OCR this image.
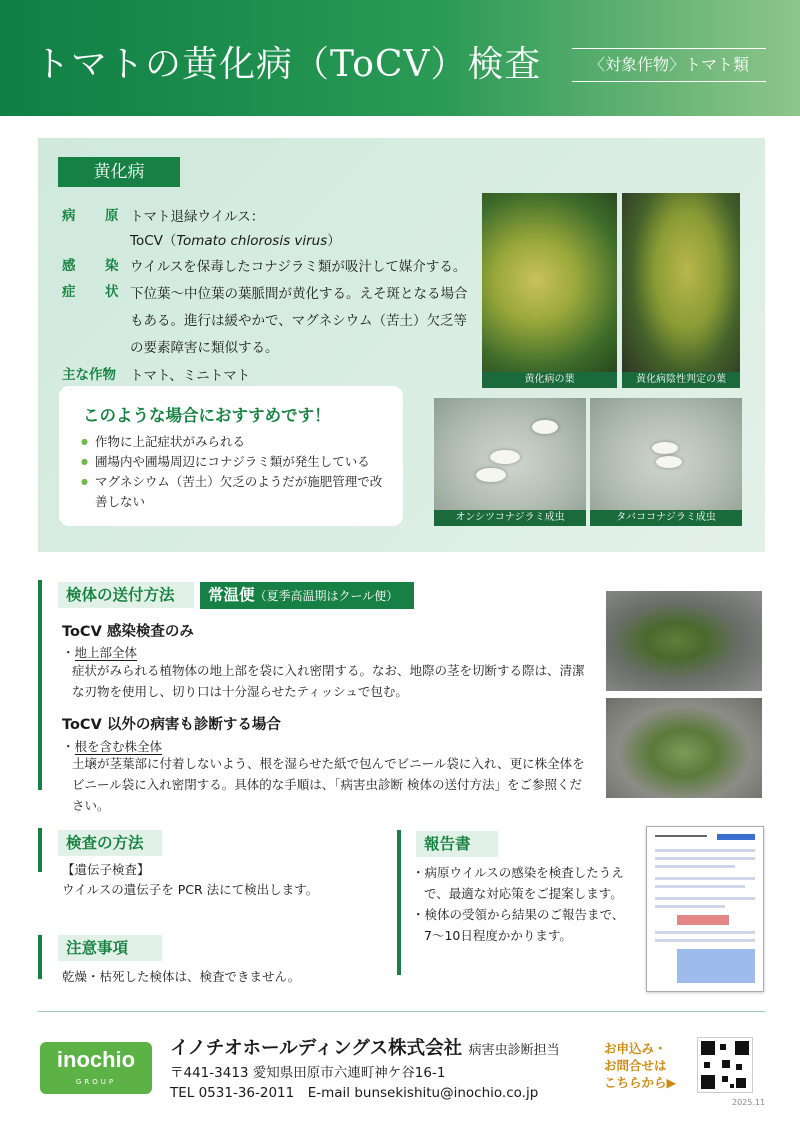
トマトの黄化病（ToCV）検査	〈対象作物〉トマト類
黄化病
病　原 トマト退緑ウイルス：
ToCV（Tomato chlorosis virus）
感　染 ウイルスを保毒したコナジラミ類が吸汁して媒介する。
症　状 下位葉〜中位葉の葉脈間が黄化する。えそ斑となる場合もある。進行は緩やかで、マグネシウム（苦土）欠乏等の要素障害に類似する。
主な作物	トマト、ミニトマト	黄化病の葉	黄化病陰性判定の葉
オンシツコナジラミ成虫	タバココナジラミ成虫
このような場合におすすめです！
● 作物に上記症状がみられる
● 圃場内や圃場周辺にコナジラミ類が発生している
● マグネシウム（苦土）欠乏のようだが施肥管理で改善しない
検体の送付方法	常温便（夏季高温期はクール便）
ToCV 感染検査のみ
・地上部全体
症状がみられる植物体の地上部を袋に入れ密閉する。なお、地際の茎を切断する際は、清潔な刃物を使用し、切り口は十分湿らせたティッシュで包む。
ToCV 以外の病害も診断する場合
・根を含む株全体
土壌が茎葉部に付着しないよう、根を湿らせた紙で包んでビニール袋に入れ、更に株全体をビニール袋に入れ密閉する。具体的な手順は、「病害虫診断 検体の送付方法」をご参照ください。
検査の方法
【遺伝子検査】
ウイルスの遺伝子を PCR 法にて検出します。
注意事項
乾燥・枯死した検体は、検査できません。
報告書
・病原ウイルスの感染を検査したうえで、最適な対応策をご提案します。
・検体の受領から結果のご報告まで、7〜10日程度かかります。
inochio
GROUP
イノチオホールディングス株式会社 病害虫診断担当
〒441-3413 愛知県田原市六連町神ケ谷16-1
TEL 0531-36-2011　E-mail bunsekishitu@inochio.co.jp
お申込み・
お問合せは
こちらから▶
2025.11
